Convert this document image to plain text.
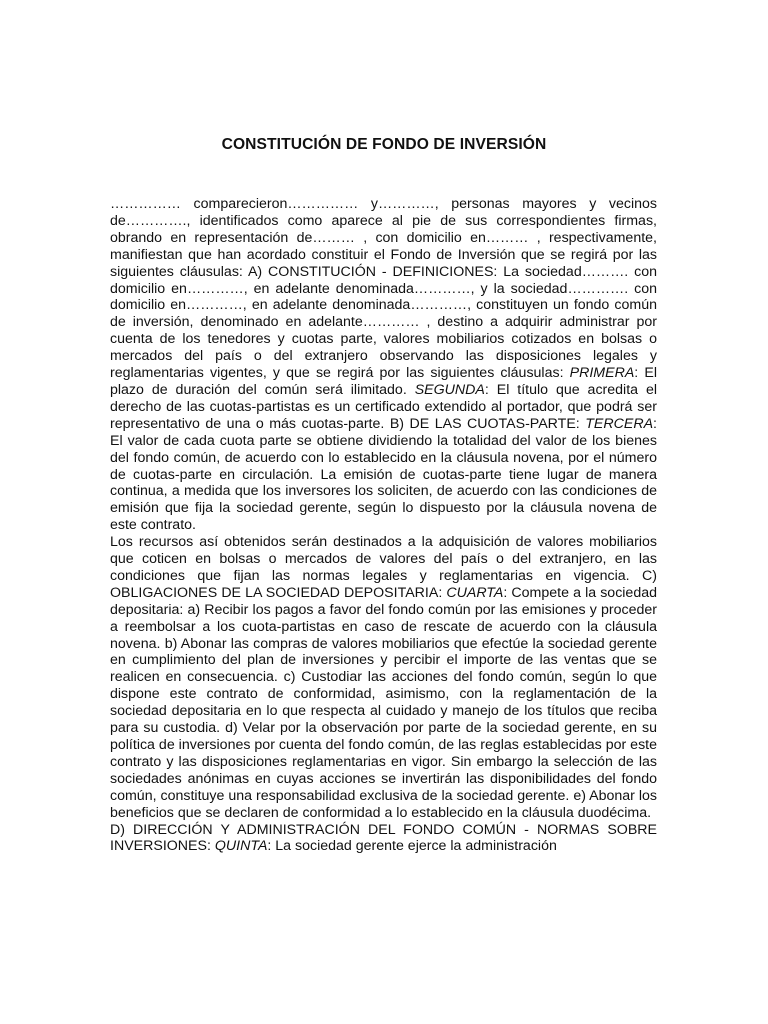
CONSTITUCIÓN DE FONDO DE INVERSIÓN

…………… comparecieron…………… y…………, personas mayores y vecinos de…………., identificados como aparece al pie de sus correspondientes firmas, obrando en representación de……… , con domicilio en……… , respectivamente, manifiestan que han acordado constituir el Fondo de Inversión que se regirá por las siguientes cláusulas: A) CONSTITUCIÓN - DEFINICIONES: La sociedad………. con domicilio en…………, en adelante denominada…………, y la sociedad…………. con domicilio en…………, en adelante denominada…………, constituyen un fondo común de inversión, denominado en adelante………… , destino a adquirir administrar por cuenta de los tenedores y cuotas parte, valores mobiliarios cotizados en bolsas o mercados del país o del extranjero observando las disposiciones legales y reglamentarias vigentes, y que se regirá por las siguientes cláusulas: PRIMERA: El plazo de duración del común será ilimitado. SEGUNDA: El título que acredita el derecho de las cuotas-partistas es un certificado extendido al portador, que podrá ser representativo de una o más cuotas-parte. B) DE LAS CUOTAS-PARTE: TERCERA: El valor de cada cuota parte se obtiene dividiendo la totalidad del valor de los bienes del fondo común, de acuerdo con lo establecido en la cláusula novena, por el número de cuotas-parte en circulación. La emisión de cuotas-parte tiene lugar de manera continua, a medida que los inversores los soliciten, de acuerdo con las condiciones de emisión que fija la sociedad gerente, según lo dispuesto por la cláusula novena de este contrato.

Los recursos así obtenidos serán destinados a la adquisición de valores mobiliarios que coticen en bolsas o mercados de valores del país o del extranjero, en las condiciones que fijan las normas legales y reglamentarias en vigencia. C) OBLIGACIONES DE LA SOCIEDAD DEPOSITARIA: CUARTA: Compete a la sociedad depositaria: a) Recibir los pagos a favor del fondo común por las emisiones y proceder a reembolsar a los cuota-partistas en caso de rescate de acuerdo con la cláusula novena. b) Abonar las compras de valores mobiliarios que efectúe la sociedad gerente en cumplimiento del plan de inversiones y percibir el importe de las ventas que se realicen en consecuencia. c) Custodiar las acciones del fondo común, según lo que dispone este contrato de conformidad, asimismo, con la reglamentación de la sociedad depositaria en lo que respecta al cuidado y manejo de los títulos que reciba para su custodia. d) Velar por la observación por parte de la sociedad gerente, en su política de inversiones por cuenta del fondo común, de las reglas establecidas por este contrato y las disposiciones reglamentarias en vigor. Sin embargo la selección de las sociedades anónimas en cuyas acciones se invertirán las disponibilidades del fondo común, constituye una responsabilidad exclusiva de la sociedad gerente. e) Abonar los beneficios que se declaren de conformidad a lo establecido en la cláusula duodécima.

D) DIRECCIÓN Y ADMINISTRACIÓN DEL FONDO COMÚN - NORMAS SOBRE INVERSIONES: QUINTA: La sociedad gerente ejerce la administración
